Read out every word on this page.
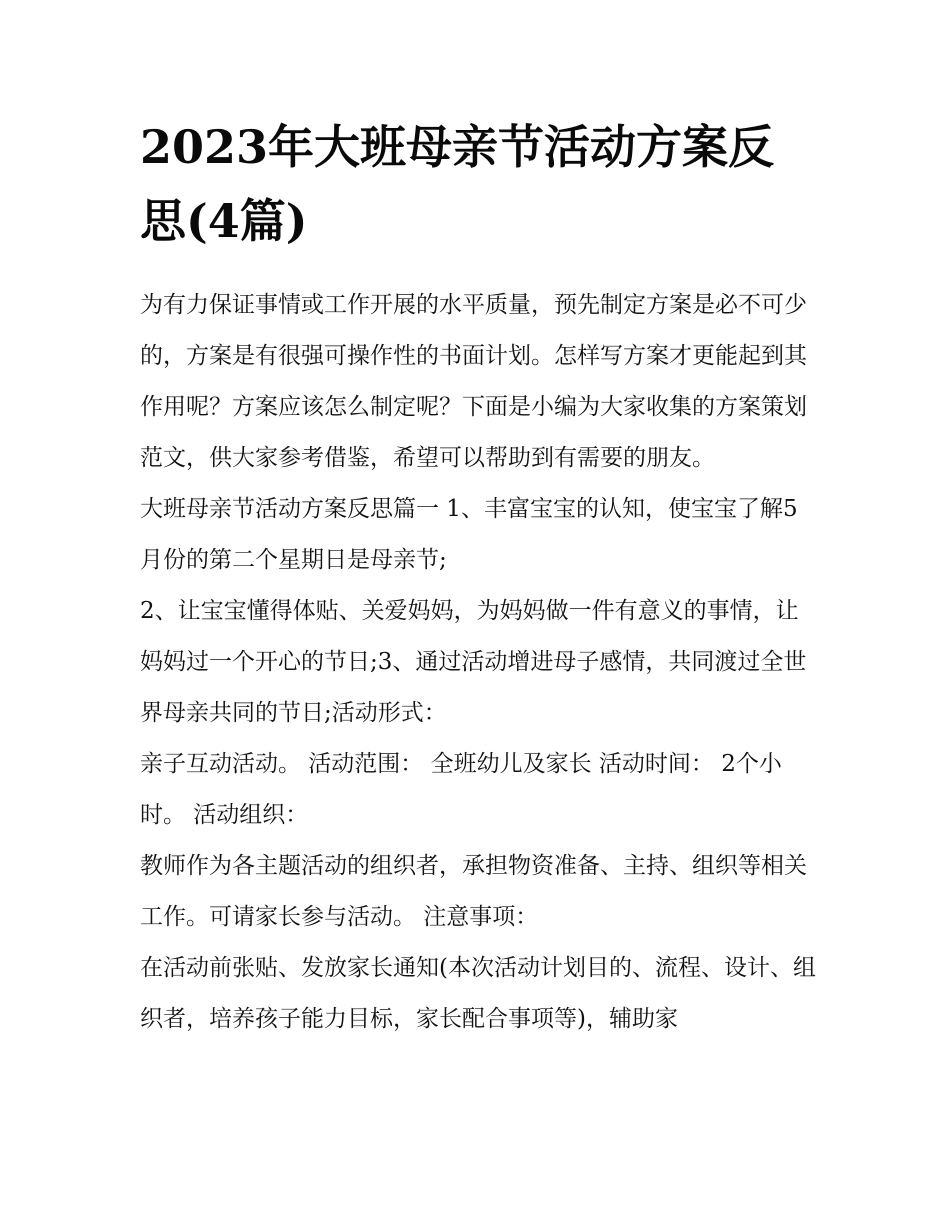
2023年大班母亲节活动方案反思(4篇)

为有力保证事情或工作开展的水平质量，预先制定方案是必不可少的，方案是有很强可操作性的书面计划。怎样写方案才更能起到其作用呢？方案应该怎么制定呢？下面是小编为大家收集的方案策划范文，供大家参考借鉴，希望可以帮助到有需要的朋友。

大班母亲节活动方案反思篇一 1、丰富宝宝的认知，使宝宝了解5月份的第二个星期日是母亲节;

2、让宝宝懂得体贴、关爱妈妈，为妈妈做一件有意义的事情，让妈妈过一个开心的节日;3、通过活动增进母子感情，共同渡过全世界母亲共同的节日;活动形式：

亲子互动活动。 活动范围： 全班幼儿及家长 活动时间： 2个小时。 活动组织：

教师作为各主题活动的组织者，承担物资准备、主持、组织等相关工作。可请家长参与活动。 注意事项：

在活动前张贴、发放家长通知(本次活动计划目的、流程、设计、组织者，培养孩子能力目标，家长配合事项等)，辅助家
